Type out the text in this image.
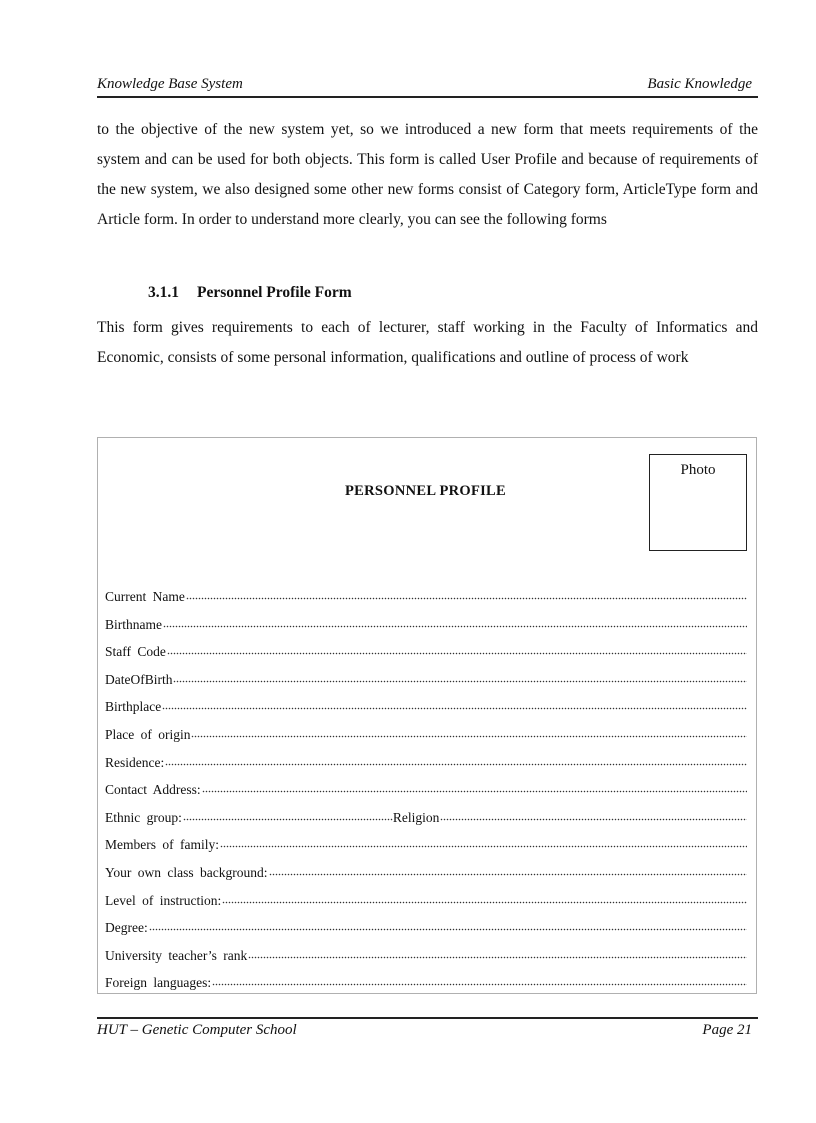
Knowledge Base System	Basic Knowledge

to the objective of the new system yet, so we introduced a new form that meets requirements of the system and can be used for both objects. This form is called User Profile and because of requirements of the new system, we also designed some other new forms consist of Category form, ArticleType form and Article form. In order to understand more clearly, you can see the following forms

3.1.1 Personnel Profile Form

This form gives requirements to each of lecturer, staff working in the Faculty of Informatics and Economic, consists of some personal information, qualifications and outline of process of work

Photo
PERSONNEL PROFILE
Current Name
Birthname
Staff Code
DateOfBirth
Birthplace
Place of origin
Residence:
Contact Address:
Ethnic group:	Religion
Members of family:
Your own class background:
Level of instruction:
Degree:
University teacher’s rank
Foreign languages:
HUT – Genetic Computer School	Page 21
